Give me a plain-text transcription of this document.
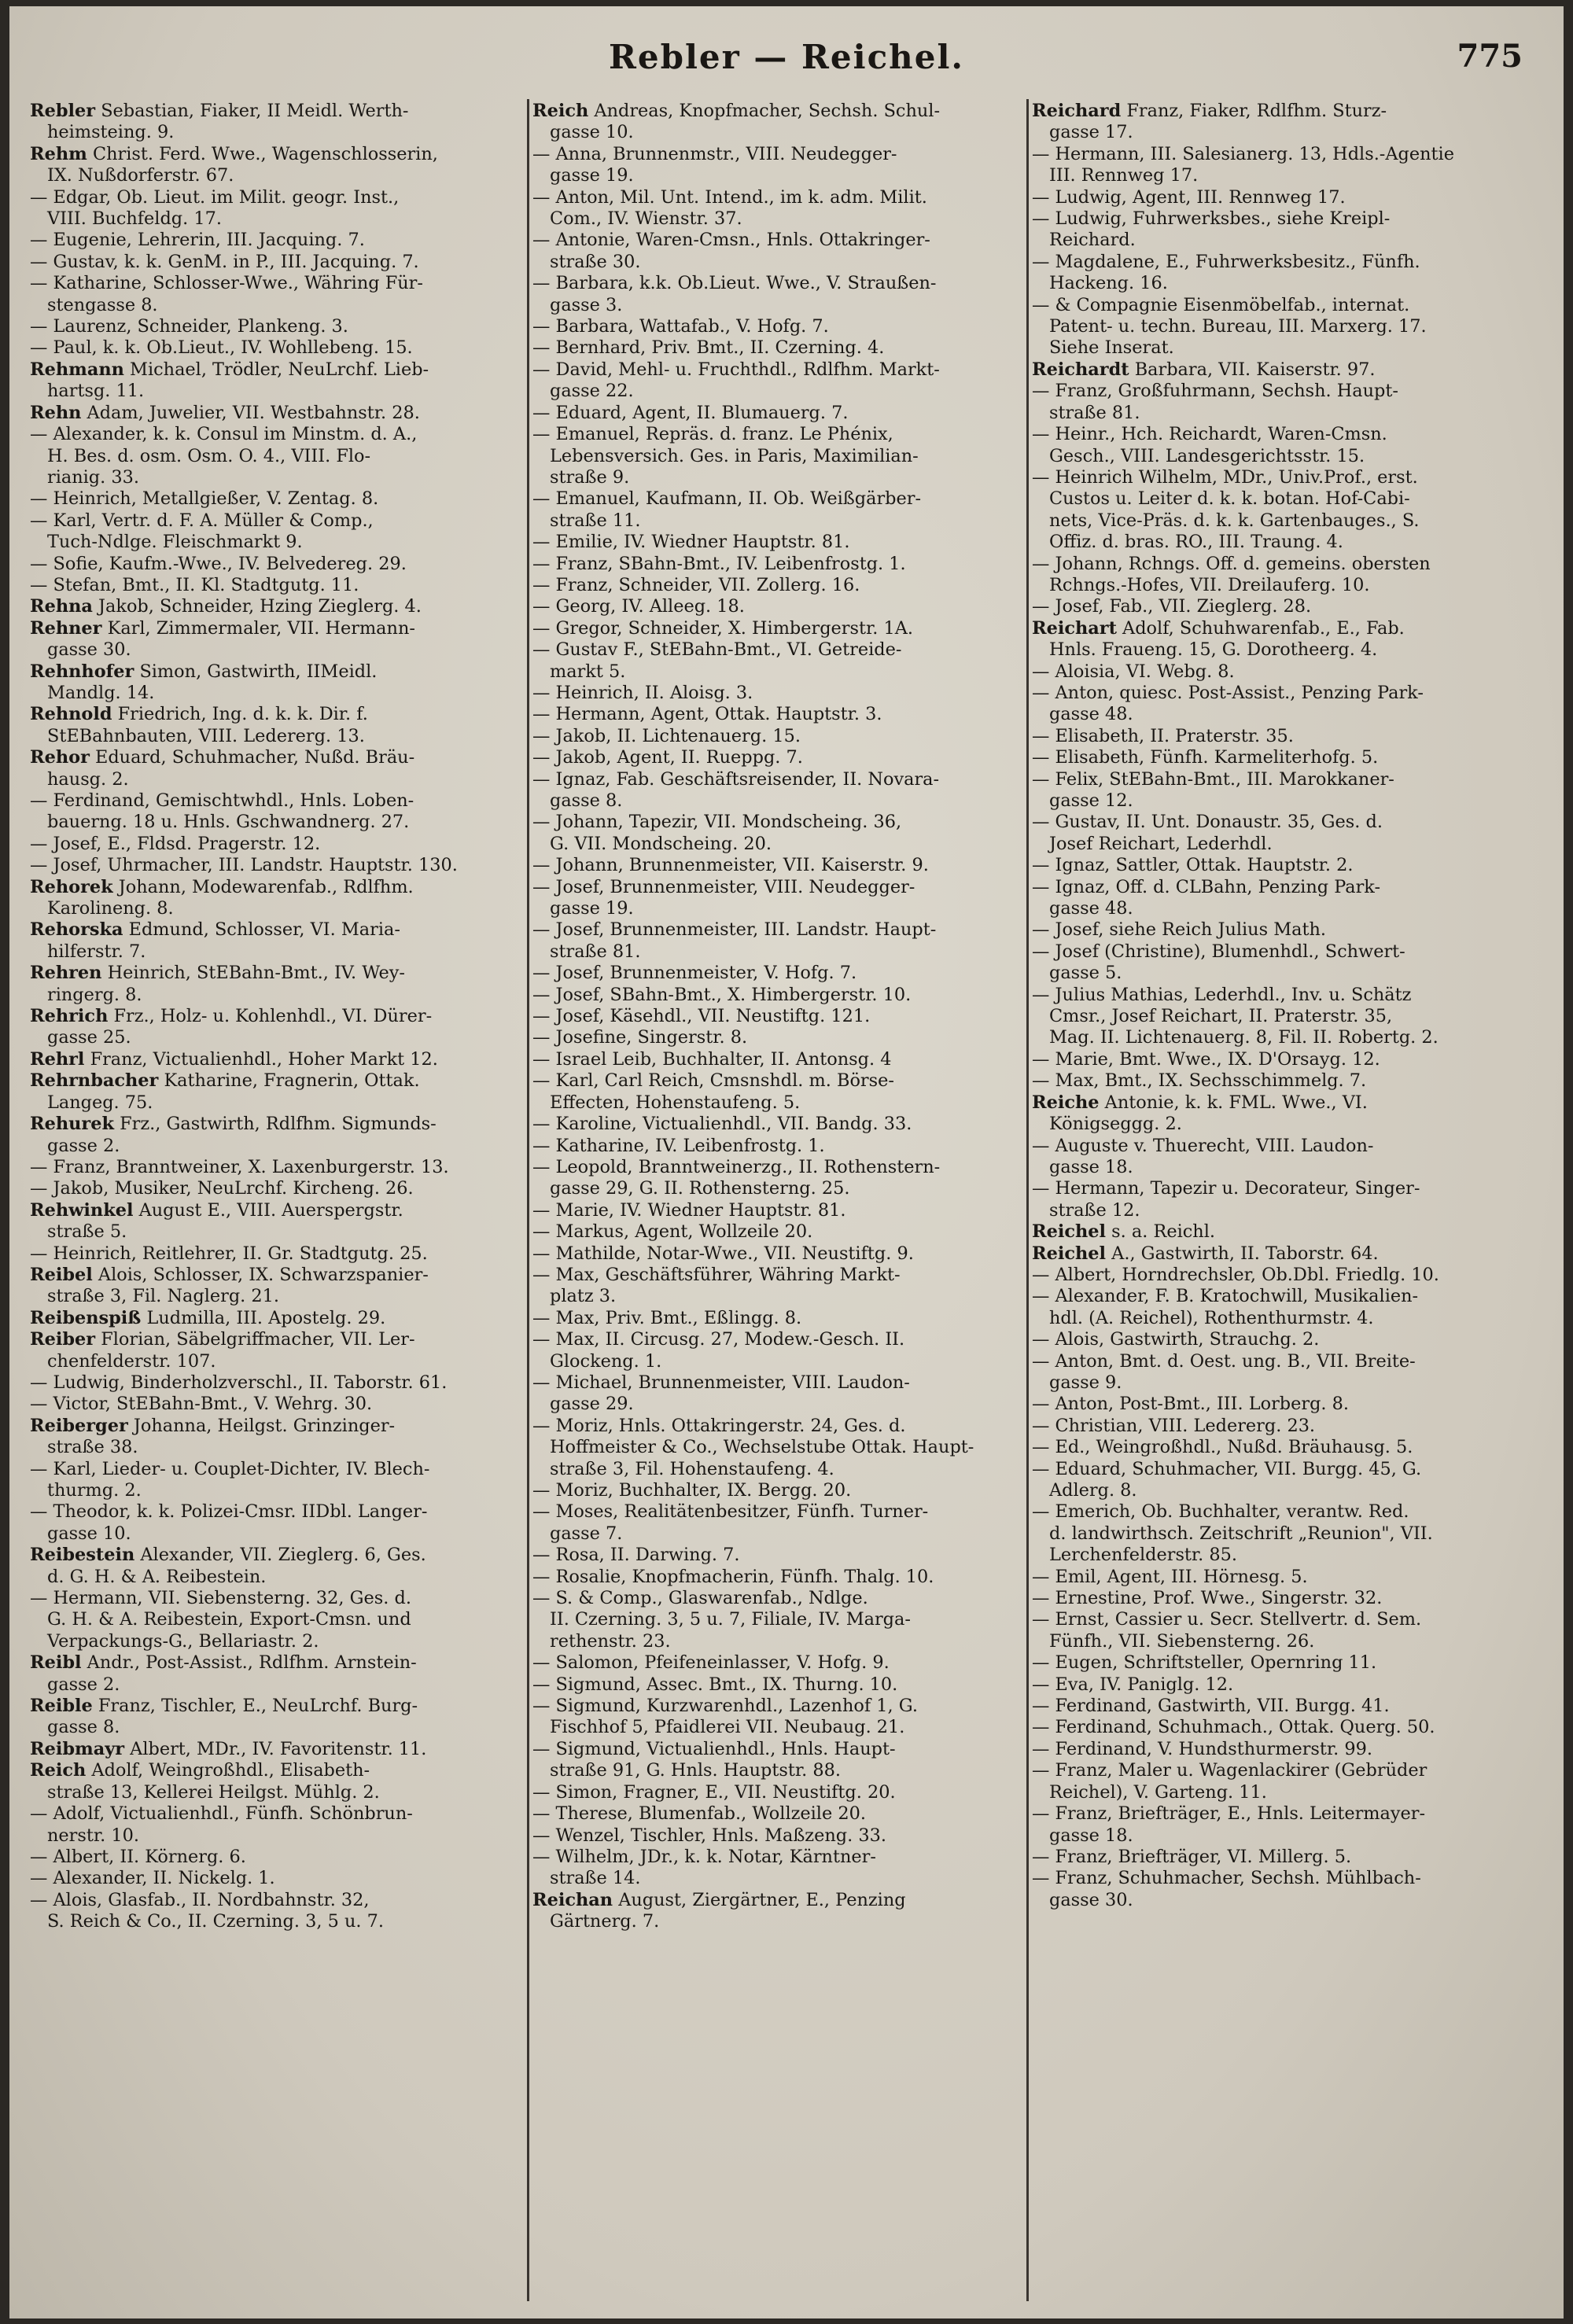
Rebler — Reichel.	775
Rebler Sebastian, Fiaker, II Meidl. Werth-
heimsteing. 9.
Rehm Christ. Ferd. Wwe., Wagenschlosserin,
IX. Nußdorferstr. 67.
— Edgar, Ob. Lieut. im Milit. geogr. Inst.,
VIII. Buchfeldg. 17.
— Eugenie, Lehrerin, III. Jacquing. 7.
— Gustav, k. k. GenM. in P., III. Jacquing. 7.
— Katharine, Schlosser-Wwe., Währing Für-
stengasse 8.
— Laurenz, Schneider, Plankeng. 3.
— Paul, k. k. Ob.Lieut., IV. Wohllebeng. 15.
Rehmann Michael, Trödler, NeuLrchf. Lieb-
hartsg. 11.
Rehn Adam, Juwelier, VII. Westbahnstr. 28.
— Alexander, k. k. Consul im Minstm. d. A.,
H. Bes. d. osm. Osm. O. 4., VIII. Flo-
rianig. 33.
— Heinrich, Metallgießer, V. Zentag. 8.
— Karl, Vertr. d. F. A. Müller & Comp.,
Tuch-Ndlge. Fleischmarkt 9.
— Sofie, Kaufm.-Wwe., IV. Belvedereg. 29.
— Stefan, Bmt., II. Kl. Stadtgutg. 11.
Rehna Jakob, Schneider, Hzing Zieglerg. 4.
Rehner Karl, Zimmermaler, VII. Hermann-
gasse 30.
Rehnhofer Simon, Gastwirth, IIMeidl.
Mandlg. 14.
Rehnold Friedrich, Ing. d. k. k. Dir. f.
StEBahnbauten, VIII. Ledererg. 13.
Rehor Eduard, Schuhmacher, Nußd. Bräu-
hausg. 2.
— Ferdinand, Gemischtwhdl., Hnls. Loben-
bauerng. 18 u. Hnls. Gschwandnerg. 27.
— Josef, E., Fldsd. Pragerstr. 12.
— Josef, Uhrmacher, III. Landstr. Hauptstr. 130.
Rehorek Johann, Modewarenfab., Rdlfhm.
Karolineng. 8.
Rehorska Edmund, Schlosser, VI. Maria-
hilferstr. 7.
Rehren Heinrich, StEBahn-Bmt., IV. Wey-
ringerg. 8.
Rehrich Frz., Holz- u. Kohlenhdl., VI. Dürer-
gasse 25.
Rehrl Franz, Victualienhdl., Hoher Markt 12.
Rehrnbacher Katharine, Fragnerin, Ottak.
Langeg. 75.
Rehurek Frz., Gastwirth, Rdlfhm. Sigmunds-
gasse 2.
— Franz, Branntweiner, X. Laxenburgerstr. 13.
— Jakob, Musiker, NeuLrchf. Kircheng. 26.
Rehwinkel August E., VIII. Auerspergstr.
straße 5.
— Heinrich, Reitlehrer, II. Gr. Stadtgutg. 25.
Reibel Alois, Schlosser, IX. Schwarzspanier-
straße 3, Fil. Naglerg. 21.
Reibenspiß Ludmilla, III. Apostelg. 29.
Reiber Florian, Säbelgriffmacher, VII. Ler-
chenfelderstr. 107.
— Ludwig, Binderholzverschl., II. Taborstr. 61.
— Victor, StEBahn-Bmt., V. Wehrg. 30.
Reiberger Johanna, Heilgst. Grinzinger-
straße 38.
— Karl, Lieder- u. Couplet-Dichter, IV. Blech-
thurmg. 2.
— Theodor, k. k. Polizei-Cmsr. IIDbl. Langer-
gasse 10.
Reibestein Alexander, VII. Zieglerg. 6, Ges.
d. G. H. & A. Reibestein.
— Hermann, VII. Siebensterng. 32, Ges. d.
G. H. & A. Reibestein, Export-Cmsn. und
Verpackungs-G., Bellariastr. 2.
Reibl Andr., Post-Assist., Rdlfhm. Arnstein-
gasse 2.
Reible Franz, Tischler, E., NeuLrchf. Burg-
gasse 8.
Reibmayr Albert, MDr., IV. Favoritenstr. 11.
Reich Adolf, Weingroßhdl., Elisabeth-
straße 13, Kellerei Heilgst. Mühlg. 2.
— Adolf, Victualienhdl., Fünfh. Schönbrun-
nerstr. 10.
— Albert, II. Körnerg. 6.
— Alexander, II. Nickelg. 1.
— Alois, Glasfab., II. Nordbahnstr. 32,
S. Reich & Co., II. Czerning. 3, 5 u. 7.
Reich Andreas, Knopfmacher, Sechsh. Schul-
gasse 10.
— Anna, Brunnenmstr., VIII. Neudegger-
gasse 19.
— Anton, Mil. Unt. Intend., im k. adm. Milit.
Com., IV. Wienstr. 37.
— Antonie, Waren-Cmsn., Hnls. Ottakringer-
straße 30.
— Barbara, k.k. Ob.Lieut. Wwe., V. Straußen-
gasse 3.
— Barbara, Wattafab., V. Hofg. 7.
— Bernhard, Priv. Bmt., II. Czerning. 4.
— David, Mehl- u. Fruchthdl., Rdlfhm. Markt-
gasse 22.
— Eduard, Agent, II. Blumauerg. 7.
— Emanuel, Repräs. d. franz. Le Phénix,
Lebensversich. Ges. in Paris, Maximilian-
straße 9.
— Emanuel, Kaufmann, II. Ob. Weißgärber-
straße 11.
— Emilie, IV. Wiedner Hauptstr. 81.
— Franz, SBahn-Bmt., IV. Leibenfrostg. 1.
— Franz, Schneider, VII. Zollerg. 16.
— Georg, IV. Alleeg. 18.
— Gregor, Schneider, X. Himbergerstr. 1A.
— Gustav F., StEBahn-Bmt., VI. Getreide-
markt 5.
— Heinrich, II. Aloisg. 3.
— Hermann, Agent, Ottak. Hauptstr. 3.
— Jakob, II. Lichtenauerg. 15.
— Jakob, Agent, II. Rueppg. 7.
— Ignaz, Fab. Geschäftsreisender, II. Novara-
gasse 8.
— Johann, Tapezir, VII. Mondscheing. 36,
G. VII. Mondscheing. 20.
— Johann, Brunnenmeister, VII. Kaiserstr. 9.
— Josef, Brunnenmeister, VIII. Neudegger-
gasse 19.
— Josef, Brunnenmeister, III. Landstr. Haupt-
straße 81.
— Josef, Brunnenmeister, V. Hofg. 7.
— Josef, SBahn-Bmt., X. Himbergerstr. 10.
— Josef, Käsehdl., VII. Neustiftg. 121.
— Josefine, Singerstr. 8.
— Israel Leib, Buchhalter, II. Antonsg. 4
— Karl, Carl Reich, Cmsnshdl. m. Börse-
Effecten, Hohenstaufeng. 5.
— Karoline, Victualienhdl., VII. Bandg. 33.
— Katharine, IV. Leibenfrostg. 1.
— Leopold, Branntweinerzg., II. Rothenstern-
gasse 29, G. II. Rothensterng. 25.
— Marie, IV. Wiedner Hauptstr. 81.
— Markus, Agent, Wollzeile 20.
— Mathilde, Notar-Wwe., VII. Neustiftg. 9.
— Max, Geschäftsführer, Währing Markt-
platz 3.
— Max, Priv. Bmt., Eßlingg. 8.
— Max, II. Circusg. 27, Modew.-Gesch. II.
Glockeng. 1.
— Michael, Brunnenmeister, VIII. Laudon-
gasse 29.
— Moriz, Hnls. Ottakringerstr. 24, Ges. d.
Hoffmeister & Co., Wechselstube Ottak. Haupt-
straße 3, Fil. Hohenstaufeng. 4.
— Moriz, Buchhalter, IX. Bergg. 20.
— Moses, Realitätenbesitzer, Fünfh. Turner-
gasse 7.
— Rosa, II. Darwing. 7.
— Rosalie, Knopfmacherin, Fünfh. Thalg. 10.
— S. & Comp., Glaswarenfab., Ndlge.
II. Czerning. 3, 5 u. 7, Filiale, IV. Marga-
rethenstr. 23.
— Salomon, Pfeifeneinlasser, V. Hofg. 9.
— Sigmund, Assec. Bmt., IX. Thurng. 10.
— Sigmund, Kurzwarenhdl., Lazenhof 1, G.
Fischhof 5, Pfaidlerei VII. Neubaug. 21.
— Sigmund, Victualienhdl., Hnls. Haupt-
straße 91, G. Hnls. Hauptstr. 88.
— Simon, Fragner, E., VII. Neustiftg. 20.
— Therese, Blumenfab., Wollzeile 20.
— Wenzel, Tischler, Hnls. Maßzeng. 33.
— Wilhelm, JDr., k. k. Notar, Kärntner-
straße 14.
Reichan August, Ziergärtner, E., Penzing
Gärtnerg. 7.
Reichard Franz, Fiaker, Rdlfhm. Sturz-
gasse 17.
— Hermann, III. Salesianerg. 13, Hdls.-Agentie
III. Rennweg 17.
— Ludwig, Agent, III. Rennweg 17.
— Ludwig, Fuhrwerksbes., siehe Kreipl-
Reichard.
— Magdalene, E., Fuhrwerksbesitz., Fünfh.
Hackeng. 16.
— & Compagnie Eisenmöbelfab., internat.
Patent- u. techn. Bureau, III. Marxerg. 17.
Siehe Inserat.
Reichardt Barbara, VII. Kaiserstr. 97.
— Franz, Großfuhrmann, Sechsh. Haupt-
straße 81.
— Heinr., Hch. Reichardt, Waren-Cmsn.
Gesch., VIII. Landesgerichtsstr. 15.
— Heinrich Wilhelm, MDr., Univ.Prof., erst.
Custos u. Leiter d. k. k. botan. Hof-Cabi-
nets, Vice-Präs. d. k. k. Gartenbauges., S.
Offiz. d. bras. RO., III. Traung. 4.
— Johann, Rchngs. Off. d. gemeins. obersten
Rchngs.-Hofes, VII. Dreilauferg. 10.
— Josef, Fab., VII. Zieglerg. 28.
Reichart Adolf, Schuhwarenfab., E., Fab.
Hnls. Fraueng. 15, G. Dorotheerg. 4.
— Aloisia, VI. Webg. 8.
— Anton, quiesc. Post-Assist., Penzing Park-
gasse 48.
— Elisabeth, II. Praterstr. 35.
— Elisabeth, Fünfh. Karmeliterhofg. 5.
— Felix, StEBahn-Bmt., III. Marokkaner-
gasse 12.
— Gustav, II. Unt. Donaustr. 35, Ges. d.
Josef Reichart, Lederhdl.
— Ignaz, Sattler, Ottak. Hauptstr. 2.
— Ignaz, Off. d. CLBahn, Penzing Park-
gasse 48.
— Josef, siehe Reich Julius Math.
— Josef (Christine), Blumenhdl., Schwert-
gasse 5.
— Julius Mathias, Lederhdl., Inv. u. Schätz
Cmsr., Josef Reichart, II. Praterstr. 35,
Mag. II. Lichtenauerg. 8, Fil. II. Robertg. 2.
— Marie, Bmt. Wwe., IX. D'Orsayg. 12.
— Max, Bmt., IX. Sechsschimmelg. 7.
Reiche Antonie, k. k. FML. Wwe., VI.
Königseggg. 2.
— Auguste v. Thuerecht, VIII. Laudon-
gasse 18.
— Hermann, Tapezir u. Decorateur, Singer-
straße 12.
Reichel s. a. Reichl.
Reichel A., Gastwirth, II. Taborstr. 64.
— Albert, Horndrechsler, Ob.Dbl. Friedlg. 10.
— Alexander, F. B. Kratochwill, Musikalien-
hdl. (A. Reichel), Rothenthurmstr. 4.
— Alois, Gastwirth, Strauchg. 2.
— Anton, Bmt. d. Oest. ung. B., VII. Breite-
gasse 9.
— Anton, Post-Bmt., III. Lorberg. 8.
— Christian, VIII. Ledererg. 23.
— Ed., Weingroßhdl., Nußd. Bräuhausg. 5.
— Eduard, Schuhmacher, VII. Burgg. 45, G.
Adlerg. 8.
— Emerich, Ob. Buchhalter, verantw. Red.
d. landwirthsch. Zeitschrift „Reunion", VII.
Lerchenfelderstr. 85.
— Emil, Agent, III. Hörnesg. 5.
— Ernestine, Prof. Wwe., Singerstr. 32.
— Ernst, Cassier u. Secr. Stellvertr. d. Sem.
Fünfh., VII. Siebensterng. 26.
— Eugen, Schriftsteller, Opernring 11.
— Eva, IV. Paniglg. 12.
— Ferdinand, Gastwirth, VII. Burgg. 41.
— Ferdinand, Schuhmach., Ottak. Querg. 50.
— Ferdinand, V. Hundsthurmerstr. 99.
— Franz, Maler u. Wagenlackirer (Gebrüder
Reichel), V. Garteng. 11.
— Franz, Briefträger, E., Hnls. Leitermayer-
gasse 18.
— Franz, Briefträger, VI. Millerg. 5.
— Franz, Schuhmacher, Sechsh. Mühlbach-
gasse 30.
